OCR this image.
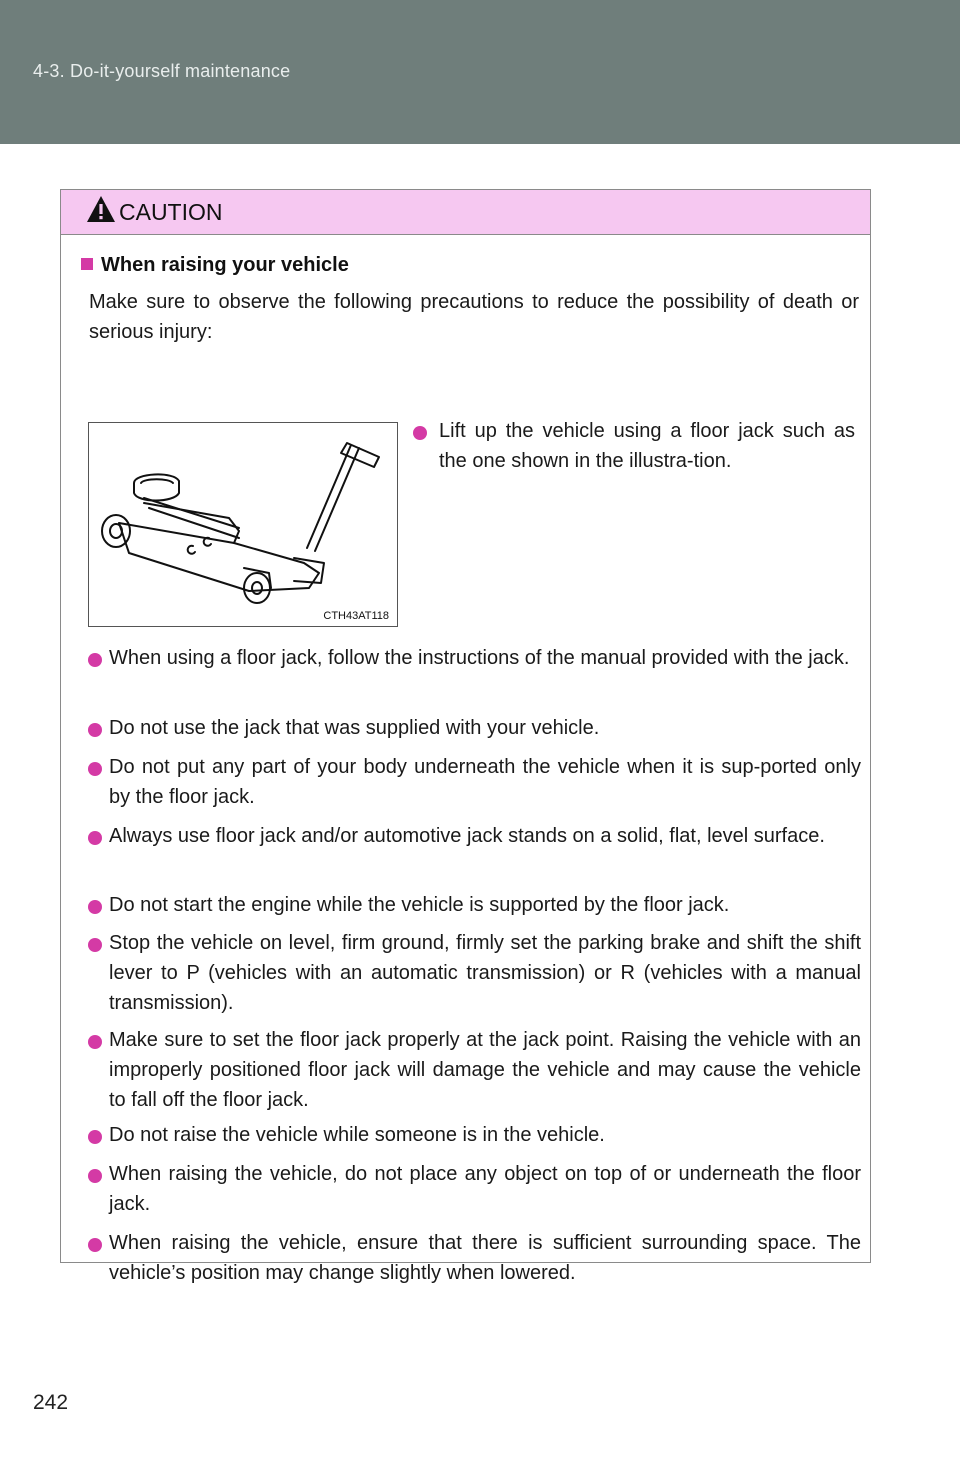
4-3. Do-it-yourself maintenance
CAUTION
When raising your vehicle

Make sure to observe the following precautions to reduce the possibility of death or serious injury:

CTH43AT118

Lift up the vehicle using a floor jack such as the one shown in the illustra-tion.

When using a floor jack, follow the instructions of the manual provided with the jack.

Do not use the jack that was supplied with your vehicle.

Do not put any part of your body underneath the vehicle when it is sup-ported only by the floor jack.

Always use floor jack and/or automotive jack stands on a solid, flat, level surface.

Do not start the engine while the vehicle is supported by the floor jack.

Stop the vehicle on level, firm ground, firmly set the parking brake and shift the shift lever to P (vehicles with an automatic transmission) or R (vehicles with a manual transmission).

Make sure to set the floor jack properly at the jack point. Raising the vehicle with an improperly positioned floor jack will damage the vehicle and may cause the vehicle to fall off the floor jack.

Do not raise the vehicle while someone is in the vehicle.

When raising the vehicle, do not place any object on top of or underneath the floor jack.

When raising the vehicle, ensure that there is sufficient surrounding space. The vehicle’s position may change slightly when lowered.

242
